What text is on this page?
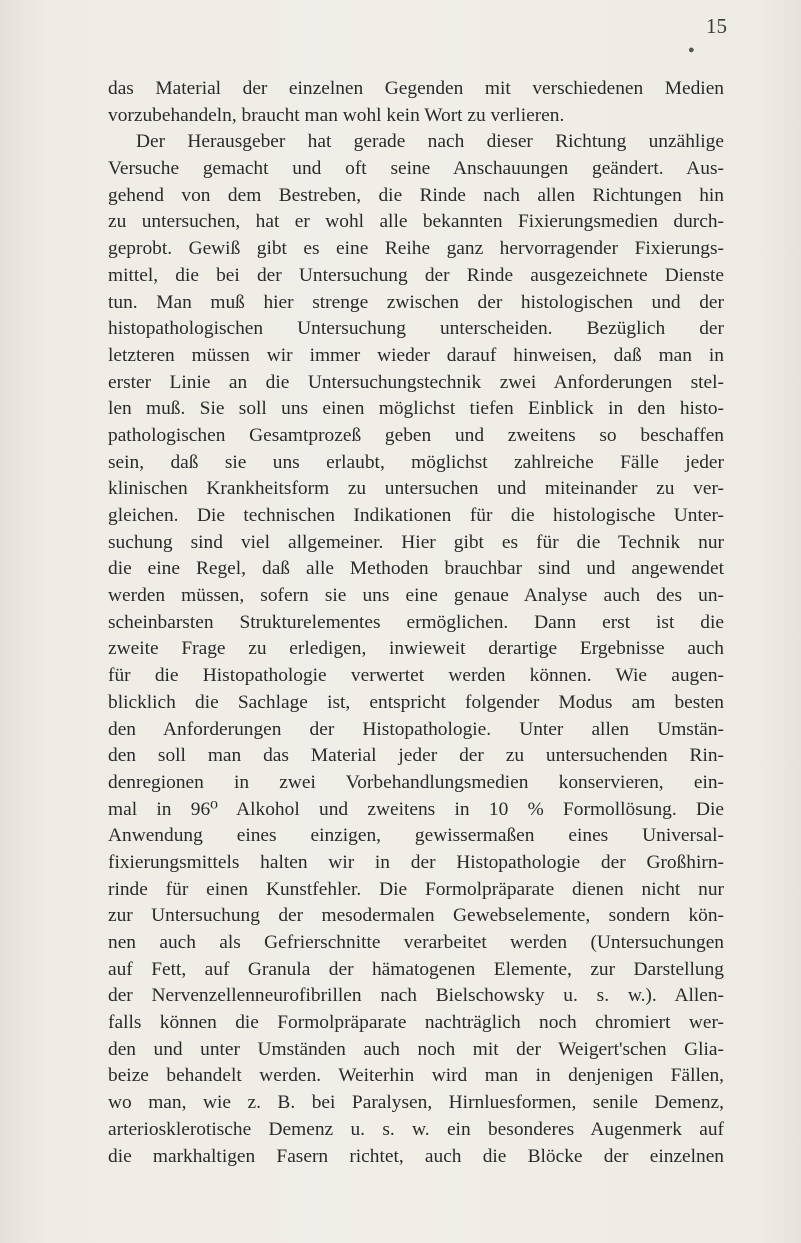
15
●
das Material der einzelnen Gegenden mit verschiedenen Medien
vorzubehandeln, braucht man wohl kein Wort zu verlieren.
Der Herausgeber hat gerade nach dieser Richtung unzählige
Versuche gemacht und oft seine Anschauungen geändert. Aus-
gehend von dem Bestreben, die Rinde nach allen Richtungen hin
zu untersuchen, hat er wohl alle bekannten Fixierungsmedien durch-
geprobt. Gewiß gibt es eine Reihe ganz hervorragender Fixierungs-
mittel, die bei der Untersuchung der Rinde ausgezeichnete Dienste
tun. Man muß hier strenge zwischen der histologischen und der
histopathologischen Untersuchung unterscheiden. Bezüglich der
letzteren müssen wir immer wieder darauf hinweisen, daß man in
erster Linie an die Untersuchungstechnik zwei Anforderungen stel-
len muß. Sie soll uns einen möglichst tiefen Einblick in den histo-
pathologischen Gesamtprozeß geben und zweitens so beschaffen
sein, daß sie uns erlaubt, möglichst zahlreiche Fälle jeder
klinischen Krankheitsform zu untersuchen und miteinander zu ver-
gleichen. Die technischen Indikationen für die histologische Unter-
suchung sind viel allgemeiner. Hier gibt es für die Technik nur
die eine Regel, daß alle Methoden brauchbar sind und angewendet
werden müssen, sofern sie uns eine genaue Analyse auch des un-
scheinbarsten Strukturelementes ermöglichen. Dann erst ist die
zweite Frage zu erledigen, inwieweit derartige Ergebnisse auch
für die Histopathologie verwertet werden können. Wie augen-
blicklich die Sachlage ist, entspricht folgender Modus am besten
den Anforderungen der Histopathologie. Unter allen Umstän-
den soll man das Material jeder der zu untersuchenden Rin-
denregionen in zwei Vorbehandlungsmedien konservieren, ein-
mal in 96⁰ Alkohol und zweitens in 10 % Formollösung. Die
Anwendung eines einzigen, gewissermaßen eines Universal-
fixierungsmittels halten wir in der Histopathologie der Großhirn-
rinde für einen Kunstfehler. Die Formolpräparate dienen nicht nur
zur Untersuchung der mesodermalen Gewebselemente, sondern kön-
nen auch als Gefrierschnitte verarbeitet werden (Untersuchungen
auf Fett, auf Granula der hämatogenen Elemente, zur Darstellung
der Nervenzellenneurofibrillen nach Bielschowsky u. s. w.). Allen-
falls können die Formolpräparate nachträglich noch chromiert wer-
den und unter Umständen auch noch mit der Weigert'schen Glia-
beize behandelt werden. Weiterhin wird man in denjenigen Fällen,
wo man, wie z. B. bei Paralysen, Hirnluesformen, senile Demenz,
arteriosklerotische Demenz u. s. w. ein besonderes Augenmerk auf
die markhaltigen Fasern richtet, auch die Blöcke der einzelnen
